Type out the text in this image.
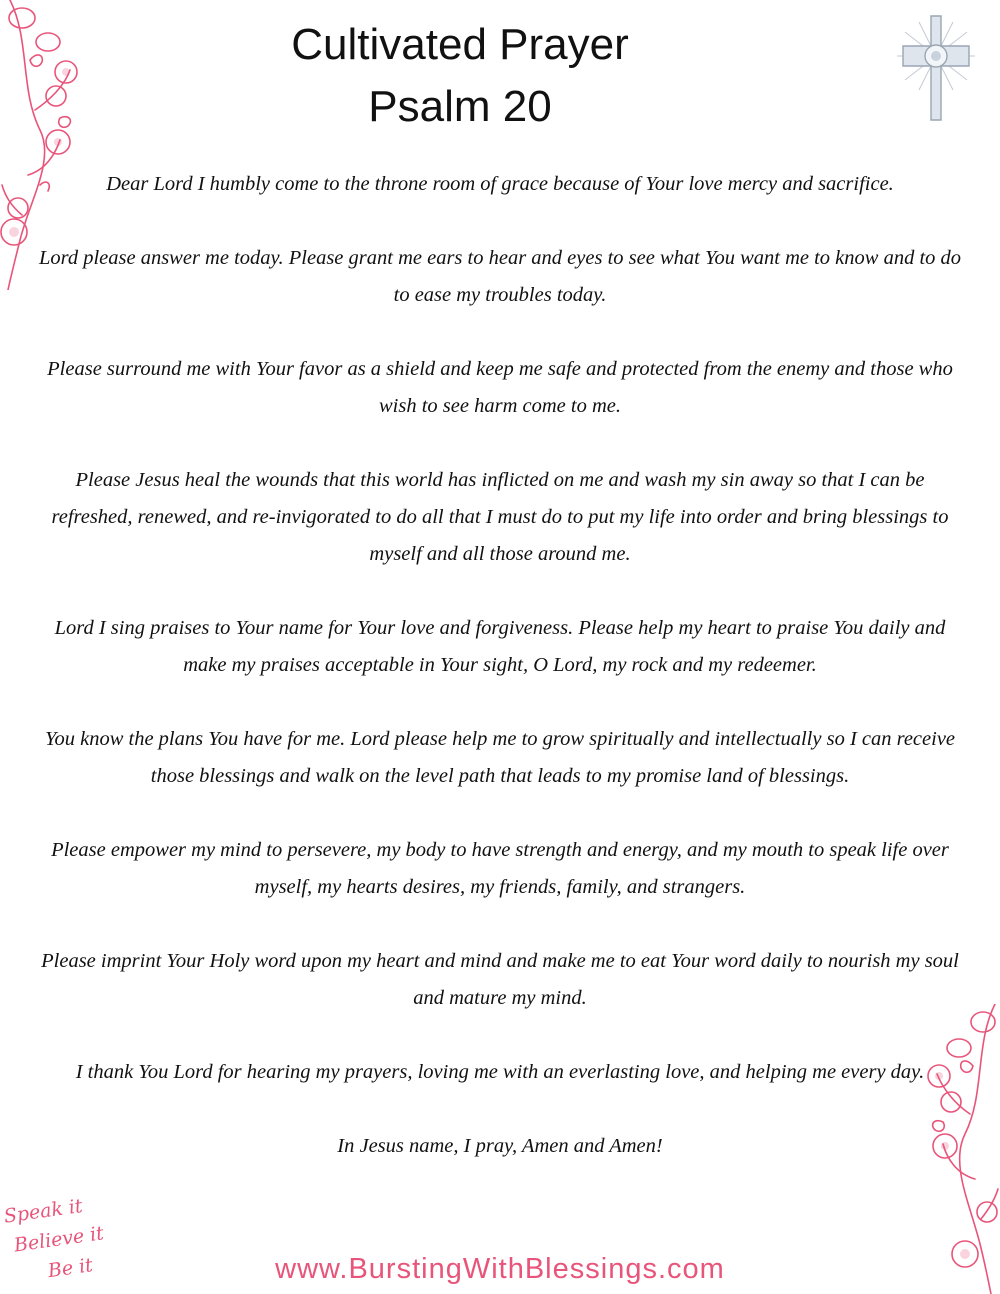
Cultivated Prayer
Psalm 20

Dear Lord I humbly come to the throne room of grace because of Your love mercy and sacrifice.

Lord please answer me today. Please grant me ears to hear and eyes to see what You want me to know and to do to ease my troubles today.

Please surround me with Your favor as a shield and keep me safe and protected from the enemy and those who wish to see harm come to me.

Please Jesus heal the wounds that this world has inflicted on me and wash my sin away so that I can be refreshed, renewed, and re-invigorated to do all that I must do to put my life into order and bring blessings to myself and all those around me.

Lord I sing praises to Your name for Your love and forgiveness. Please help my heart to praise You daily and make my praises acceptable in Your sight, O Lord, my rock and my redeemer.

You know the plans You have for me. Lord please help me to grow spiritually and intellectually so I can receive those blessings and walk on the level path that leads to my promise land of blessings.

Please empower my mind to persevere, my body to have strength and energy, and my mouth to speak life over myself, my hearts desires, my friends, family, and strangers.

Please imprint Your Holy word upon my heart and mind and make me to eat Your word daily to nourish my soul and mature my mind.

I thank You Lord for hearing my prayers, loving me with an everlasting love, and helping me every day.

In Jesus name, I pray, Amen and Amen!

Speak it
Believe it
Be it	www.BurstingWithBlessings.com
